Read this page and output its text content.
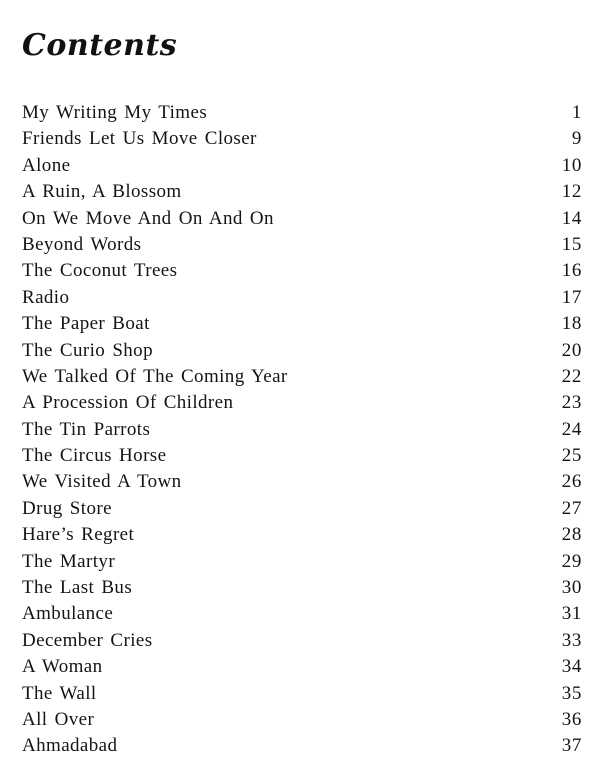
Contents
My Writing My Times	1
Friends Let Us Move Closer	9
Alone	10
A Ruin, A Blossom	12
On We Move And On And On	14
Beyond Words	15
The Coconut Trees	16
Radio	17
The Paper Boat	18
The Curio Shop	20
We Talked Of The Coming Year	22
A Procession Of Children	23
The Tin Parrots	24
The Circus Horse	25
We Visited A Town	26
Drug Store	27
Hare’s Regret	28
The Martyr	29
The Last Bus	30
Ambulance	31
December Cries	33
A Woman	34
The Wall	35
All Over	36
Ahmadabad	37
